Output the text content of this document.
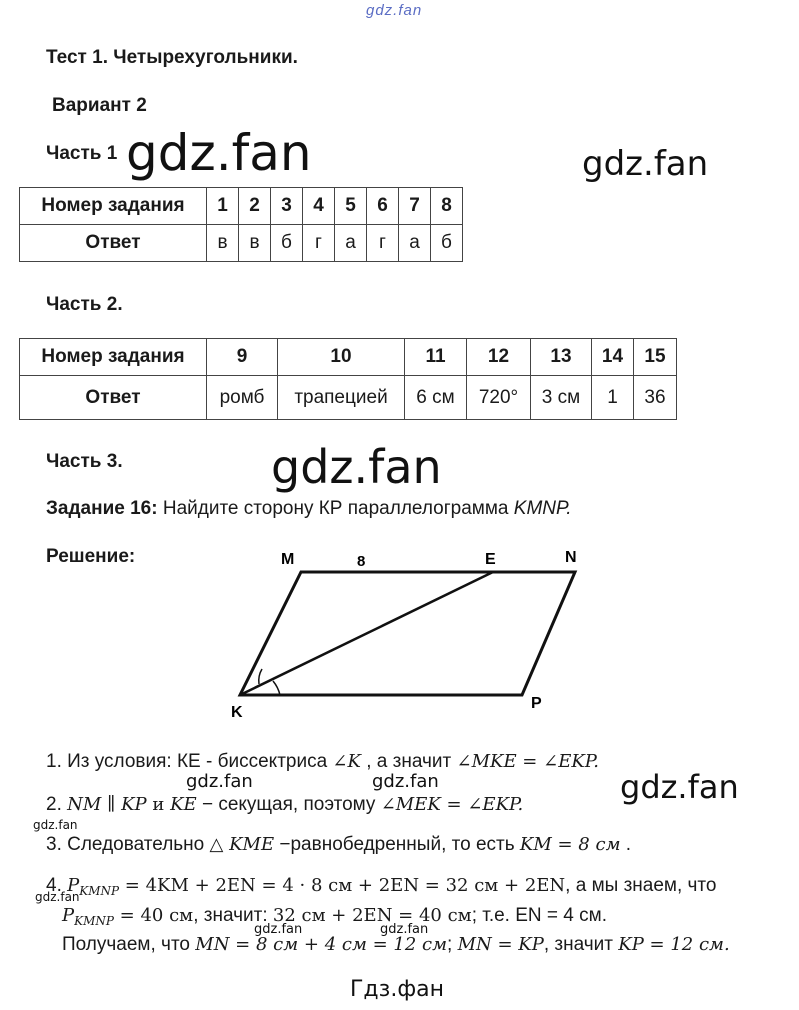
gdz.fan
Тест 1. Четырехугольники.
Вариант 2
Часть 1 gdz.fan	gdz.fan
Номер задания	1	2	3	4	5	6	7	8
Ответ	в	в	б	г	а	г	а	б
Часть 2.
Номер задания	9	10	11	12	13	14	15
Ответ	ромб	трапецией	6 см	720°	3 см	1	36
Часть 3.	gdz.fan
Задание 16: Найдите сторону КР параллелограмма KMNP.
Решение:	M	8	E	N
K
P
1. Из условия: КЕ - биссектриса ∠K , а значит ∠MKE = ∠EKP.
2. NM ∥ KP и KE − секущая, поэтому ∠MEK = ∠EKP.
3. Следовательно △ KME −равнобедренный, то есть KM = 8 см .
4. $P_{KMNP} = 4KM + 2EN = 4 \cdot 8$ см + 2EN = 32 см + 2EN, а мы знаем, что
$P_{KMNP} = 40$ см, значит: 32 см + 2EN = 40 см; т.е. EN = 4 см.
Получаем, что MN = 8 см + 4 см = 12 см; MN = KP, значит KP = 12 см.
gdz.fan	gdz.fan	gdz.fan
gdz.fan
gdz.fan
gdz.fan	gdz.fan
Гдз.фан
